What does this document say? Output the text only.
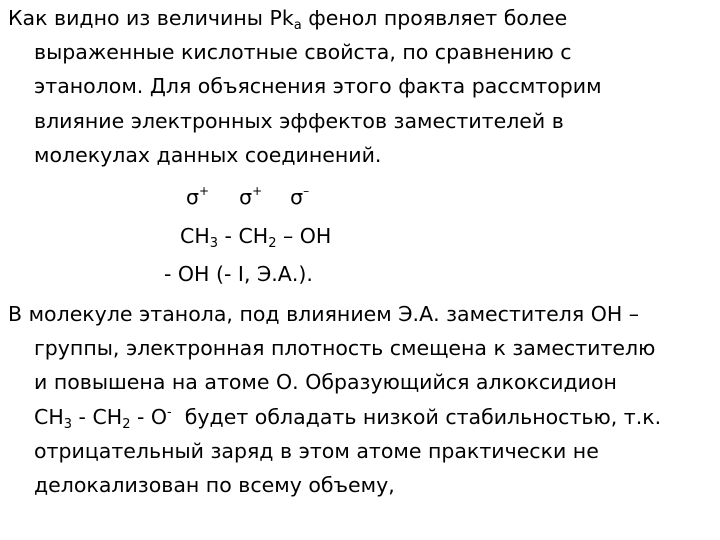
Как видно из величины $Pk_a$ фенол проявляет более
выраженные кислотные свойста, по сравнению с
этанолом. Для объяснения этого факта рассмторим
влияние электронных эффектов заместителей в
молекулах данных соединений.
σ+ σ+ σ–
$CH_3 - CH_2$ – OH
- OH (- I, Э.А.).
В молекуле этанола, под влиянием Э.А. заместителя ОН –
группы, электронная плотность смещена к заместителю
и повышена на атоме О. Образующийся алкоксидион
$CH_3 - CH_2 - O^-$  будет обладать низкой стабильностью, т.к.
отрицательный заряд в этом атоме практически не
делокализован по всему объему,
